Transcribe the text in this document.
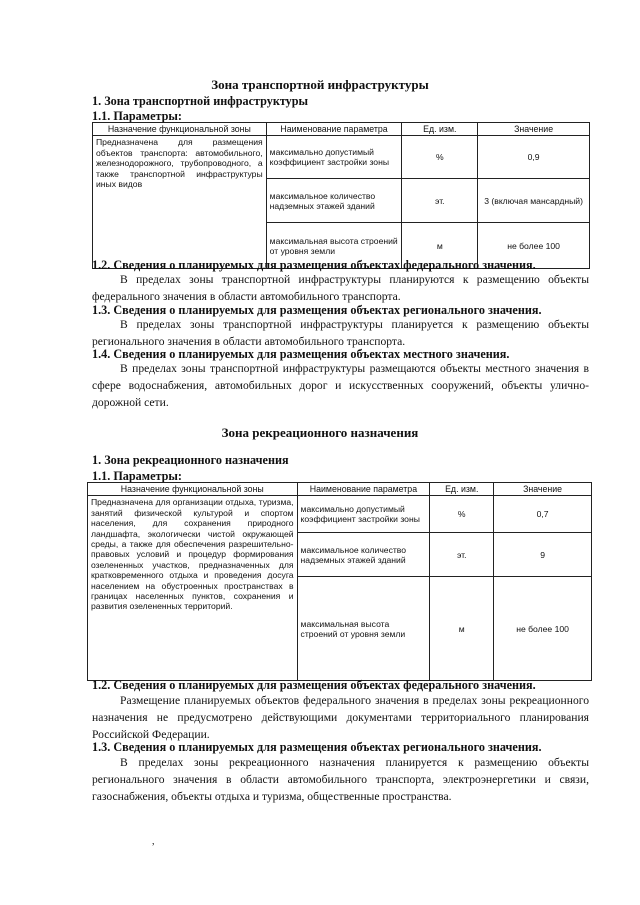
Зона транспортной инфраструктуры
1. Зона транспортной инфраструктуры
1.1. Параметры:
Назначение функциональной зоны	Наименование параметра	Ед. изм.	Значение
Предназначена для размещения объектов транспорта: автомобильного, железнодорожного, трубопроводного, а также транспортной инфраструктуры иных видов	максимально допустимый коэффициент застройки зоны	%	0,9
	максимальное количество надземных этажей зданий	эт.	3 (включая мансардный)
	максимальная высота строений от уровня земли	м	не более 100
1.2. Сведения о планируемых для размещения объектах федерального значения.
В пределах зоны транспортной инфраструктуры планируются к размещению объекты федерального значения в области автомобильного транспорта.
1.3. Сведения о планируемых для размещения объектах регионального значения.
В пределах зоны транспортной инфраструктуры планируется к размещению объекты регионального значения в области автомобильного транспорта.
1.4. Сведения о планируемых для размещения объектах местного значения.
В пределах зоны транспортной инфраструктуры размещаются объекты местного значения в сфере водоснабжения, автомобильных дорог и искусственных сооружений, объекты улично-дорожной сети.
Зона рекреационного назначения
1. Зона рекреационного назначения
1.1. Параметры:
Назначение функциональной зоны	Наименование параметра	Ед. изм.	Значение
Предназначена для организации отдыха, туризма, занятий физической культурой и спортом населения, для сохранения природного ландшафта, экологически чистой окружающей среды, а также для обеспечения разрешительно-правовых условий и процедур формирования озелененных участков, предназначенных для кратковременного отдыха и проведения досуга населением на обустроенных пространствах в границах населенных пунктов, сохранения и развития озелененных территорий.	максимально допустимый коэффициент застройки зоны	%	0,7
	максимальное количество надземных этажей зданий	эт.	9
	максимальная высота строений от уровня земли	м	не более 100
1.2. Сведения о планируемых для размещения объектах федерального значения.
Размещение планируемых объектов федерального значения в пределах зоны рекреационного назначения не предусмотрено действующими документами территориального планирования Российской Федерации.
1.3. Сведения о планируемых для размещения объектах регионального значения.
В пределах зоны рекреационного назначения планируется к размещению объекты регионального значения в области автомобильного транспорта, электроэнергетики и связи, газоснабжения, объекты отдыха и туризма, общественные пространства.
,
